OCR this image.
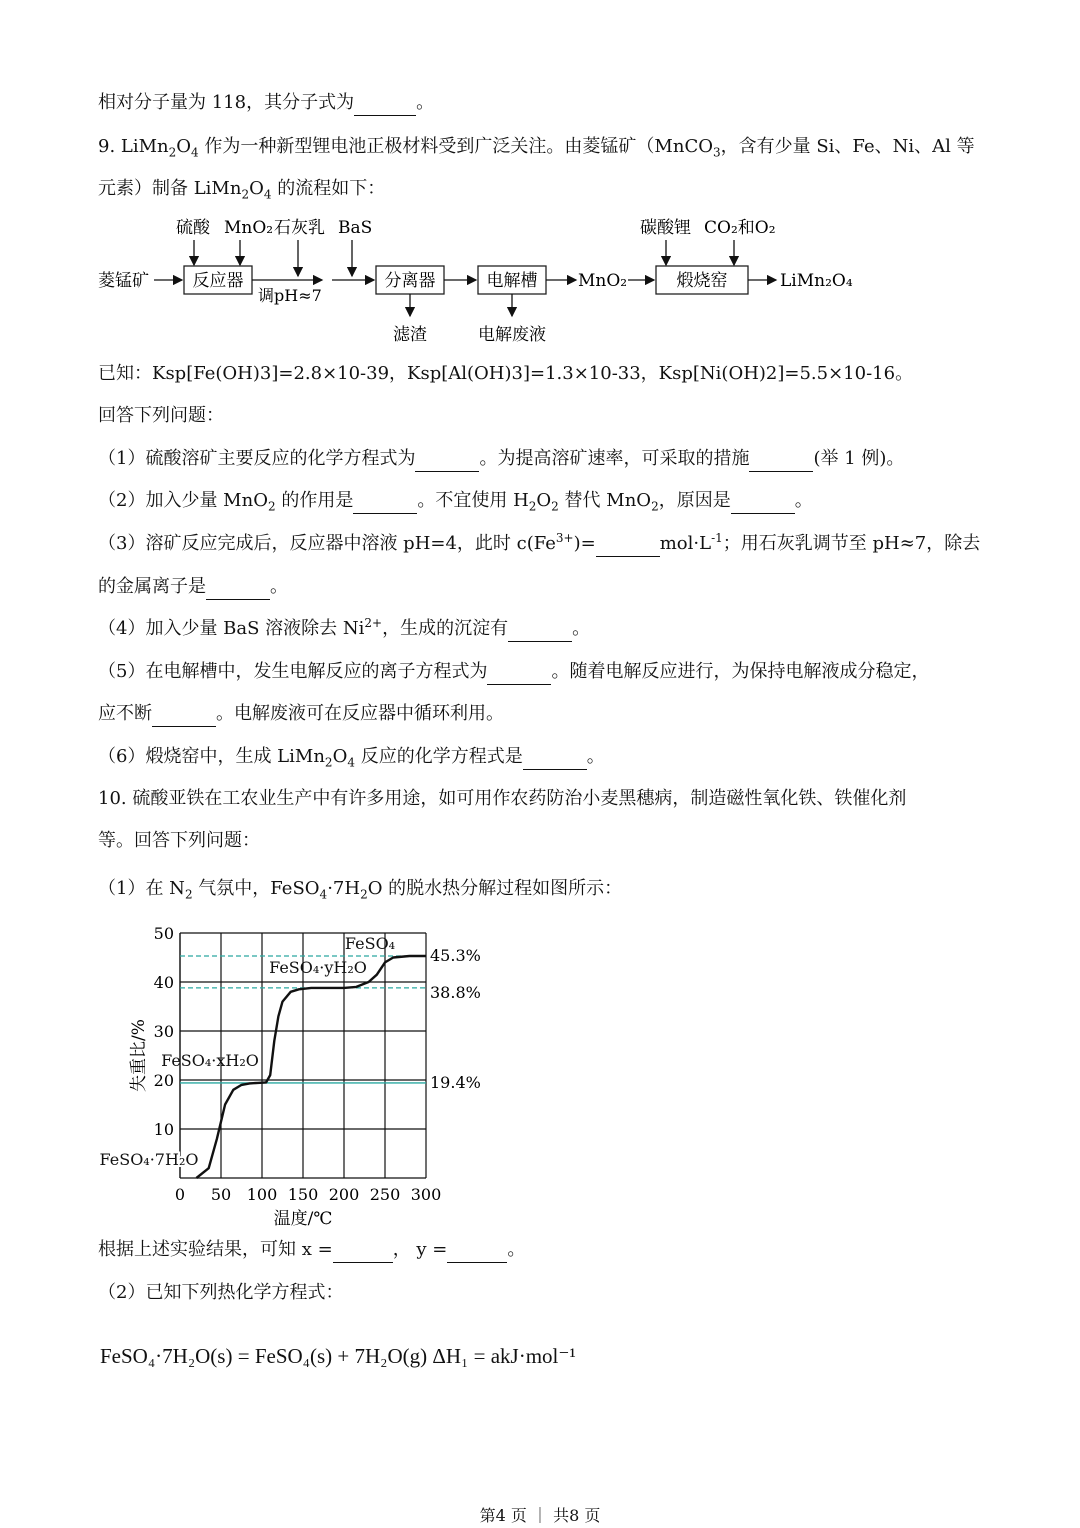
相对分子量为 118，其分子式为	。
9. $LiMn_2O_4$ 作为一种新型锂电池正极材料受到广泛关注。由菱锰矿（MnCO$_3$，含有少量 Si、Fe、Ni、Al 等
元素）制备 $LiMn_2O_4$ 的流程如下：
硫酸 MnO₂ 石灰乳 BaS
菱锰矿	反应器
调pH≈7
分离器
滤渣
电解槽
电解废液
MnO₂	煅烧窑	LiMn₂O₄
碳酸锂 CO₂和O₂
已知：Ksp[Fe(OH)3]=2.8×10-39，Ksp[Al(OH)3]=1.3×10-33，Ksp[Ni(OH)2]=5.5×10-16。
回答下列问题：
（1）硫酸溶矿主要反应的化学方程式为	。为提高溶矿速率，可采取的措施	(举 1 例)。
（2）加入少量 MnO$_2$ 的作用是	。不宜使用 $H_2O_2$ 替代 MnO$_2$，原因是	。
（3）溶矿反应完成后，反应器中溶液 pH=4，此时 $c(Fe^{3+})=$	$mol\cdot L^{-1}$；用石灰乳调节至 pH≈7，除去
的金属离子是	。
（4）加入少量 BaS 溶液除去 $Ni^{2+}$，生成的沉淀有	。
（5）在电解槽中，发生电解反应的离子方程式为	。随着电解反应进行，为保持电解液成分稳定，
应不断	。电解废液可在反应器中循环利用。
（6）煅烧窑中，生成 $LiMn_2O_4$ 反应的化学方程式是	。
10. 硫酸亚铁在工农业生产中有许多用途，如可用作农药防治小麦黑穗病，制造磁性氧化铁、铁催化剂
等。回答下列问题：
（1）在 $N_2$ 气氛中，$FeSO_4\cdot 7H_2O$ 的脱水热分解过程如图所示：
45.3%
38.8%
19.4%
0 50 100 150 200 250 300
10
20
30
40
50
温度/℃
失重比/%
FeSO₄
FeSO₄·yH₂O
FeSO₄·xH₂O
FeSO₄·7H₂O
根据上述实验结果，可知 x =	， y =	。
（2）已知下列热化学方程式：
FeSO₄·7H₂O(s) = FeSO₄(s) + 7H₂O(g) ΔH₁ = akJ·mol⁻¹
第4 页 ｜ 共8 页
